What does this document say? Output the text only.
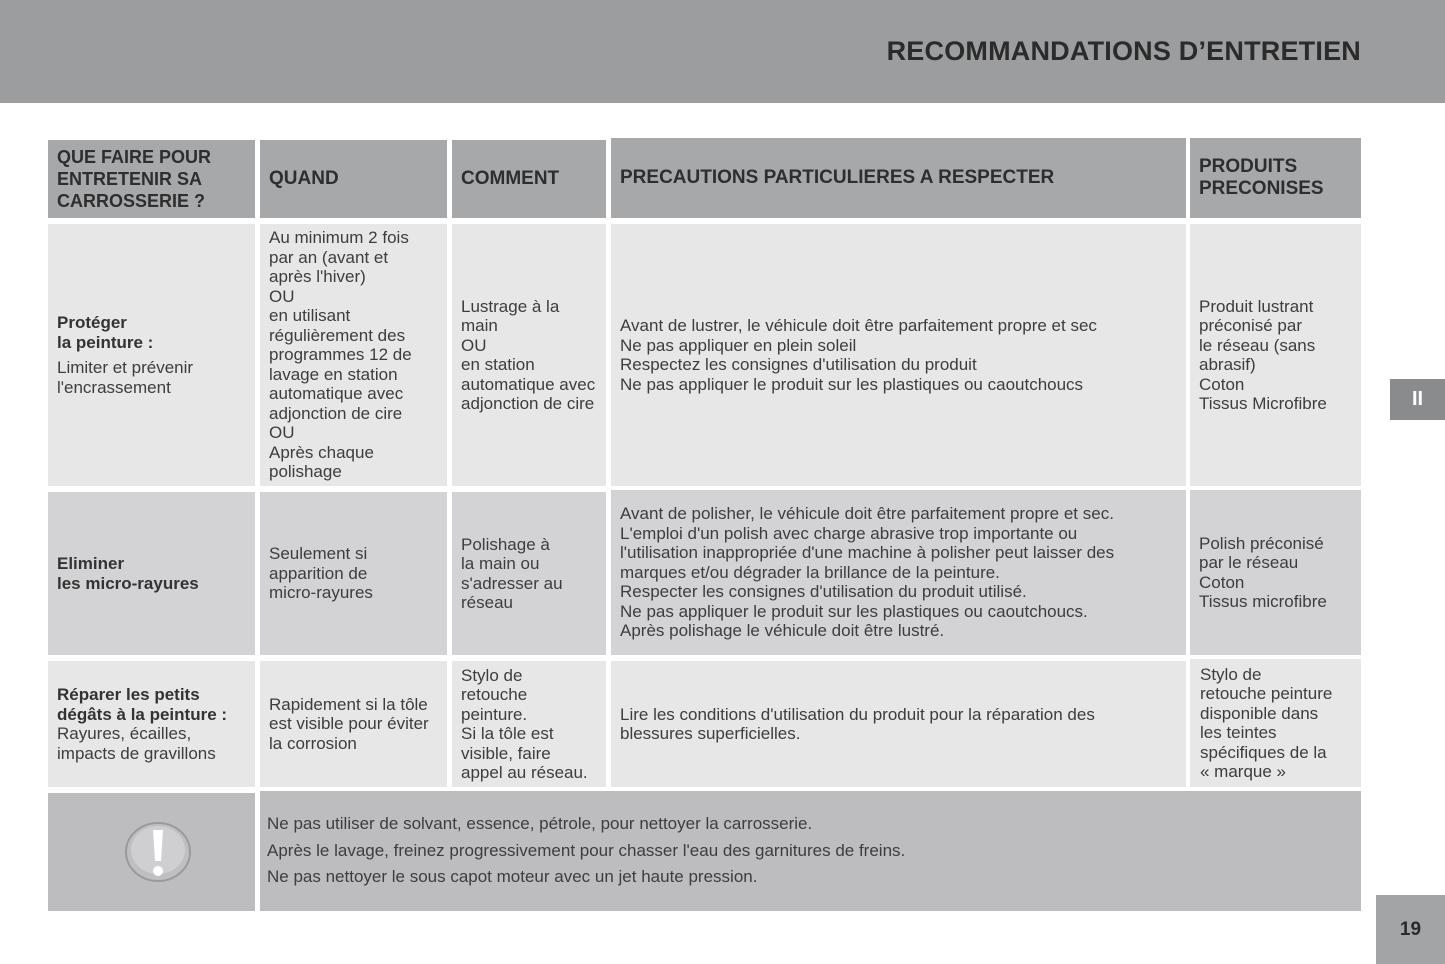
RECOMMANDATIONS D’ENTRETIEN
II
19
QUE FAIRE POUR
ENTRETENIR SA
CARROSSERIE ?
QUAND	COMMENT	PRECAUTIONS PARTICULIERES A RESPECTER
PRODUITS
PRECONISES
Protéger
la peinture :
Limiter et prévenir
l'encrassement
Au minimum 2 fois
par an (avant et
après l'hiver)
OU
en utilisant
régulièrement des
programmes 12 de
lavage en station
automatique avec
adjonction de cire
OU
Après chaque
polishage
Lustrage à la
main
OU
en station
automatique avec
adjonction de cire
Avant de lustrer, le véhicule doit être parfaitement propre et sec
Ne pas appliquer en plein soleil
Respectez les consignes d'utilisation du produit
Ne pas appliquer le produit sur les plastiques ou caoutchoucs
Produit lustrant
préconisé par
le réseau (sans
abrasif)
Coton
Tissus Microfibre
Eliminer
les micro-rayures
Seulement si
apparition de
micro-rayures
Polishage à
la main ou
s'adresser au
réseau
Avant de polisher, le véhicule doit être parfaitement propre et sec.
L'emploi d'un polish avec charge abrasive trop importante ou
l'utilisation inappropriée d'une machine à polisher peut laisser des
marques et/ou dégrader la brillance de la peinture.
Respecter les consignes d'utilisation du produit utilisé.
Ne pas appliquer le produit sur les plastiques ou caoutchoucs.
Après polishage le véhicule doit être lustré.
Polish préconisé
par le réseau
Coton
Tissus microfibre
Réparer les petits
dégâts à la peinture :
Rayures, écailles,
impacts de gravillons
Rapidement si la tôle
est visible pour éviter
la corrosion
Stylo de
retouche
peinture.
Si la tôle est
visible, faire
appel au réseau.
Lire les conditions d'utilisation du produit pour la réparation des
blessures superficielles.
Stylo de
retouche peinture
disponible dans
les teintes
spécifiques de la
« marque »
Ne pas utiliser de solvant, essence, pétrole, pour nettoyer la carrosserie.
Après le lavage, freinez progressivement pour chasser l'eau des garnitures de freins.
Ne pas nettoyer le sous capot moteur avec un jet haute pression.
